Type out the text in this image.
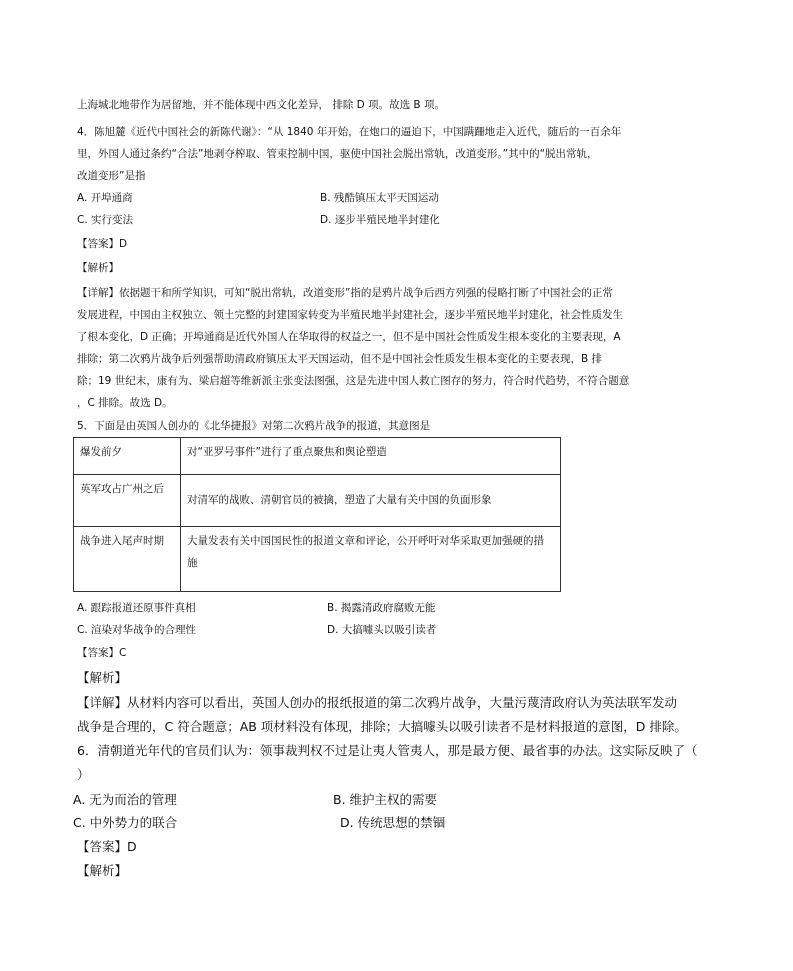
上海城北地带作为居留地，并不能体现中西文化差异， 排除 D 项。故选 B 项。
4．陈旭麓《近代中国社会的新陈代谢》：“从 1840 年开始，在炮口的逼迫下，中国蹒跚地走入近代，随后的一百余年
里，外国人通过条约“合法”地剥夺榨取、管束控制中国，驱使中国社会脱出常轨，改道变形。”其中的“脱出常轨，
改道变形”是指
A. 开埠通商	B. 残酷镇压太平天国运动
C. 实行变法	D. 逐步半殖民地半封建化
【答案】D
【解析】
【详解】依据题干和所学知识，可知“脱出常轨，改道变形”指的是鸦片战争后西方列强的侵略打断了中国社会的正常
发展进程，中国由主权独立、领土完整的封建国家转变为半殖民地半封建社会，逐步半殖民地半封建化，社会性质发生
了根本变化，D 正确；开埠通商是近代外国人在华取得的权益之一，但不是中国社会性质发生根本变化的主要表现，A
排除；第二次鸦片战争后列强帮助清政府镇压太平天国运动，但不是中国社会性质发生根本变化的主要表现，B 排
除；19 世纪末，康有为、梁启超等维新派主张变法图强，这是先进中国人救亡图存的努力，符合时代趋势，不符合题意
，C 排除。故选 D。
5．下面是由英国人创办的《北华捷报》对第二次鸦片战争的报道，其意图是
爆发前夕	对“亚罗号事件”进行了重点聚焦和舆论塑造
英军攻占广州之后	对清军的战败、清朝官员的被擒，塑造了大量有关中国的负面形象
战争进入尾声时期	大量发表有关中国国民性的报道文章和评论，公开呼吁对华采取更加强硬的措施
A. 跟踪报道还原事件真相	B. 揭露清政府腐败无能
C. 渲染对华战争的合理性	D. 大搞噱头以吸引读者
【答案】C
【解析】
【详解】从材料内容可以看出，英国人创办的报纸报道的第二次鸦片战争，大量污蔑清政府认为英法联军发动
战争是合理的，C 符合题意；AB 项材料没有体现，排除；大搞噱头以吸引读者不是材料报道的意图，D 排除。
6．清朝道光年代的官员们认为：领事裁判权不过是让夷人管夷人，那是最方便、最省事的办法。这实际反映了（
）
A. 无为而治的管理	B. 维护主权的需要
C. 中外势力的联合	D. 传统思想的禁锢
【答案】D
【解析】
